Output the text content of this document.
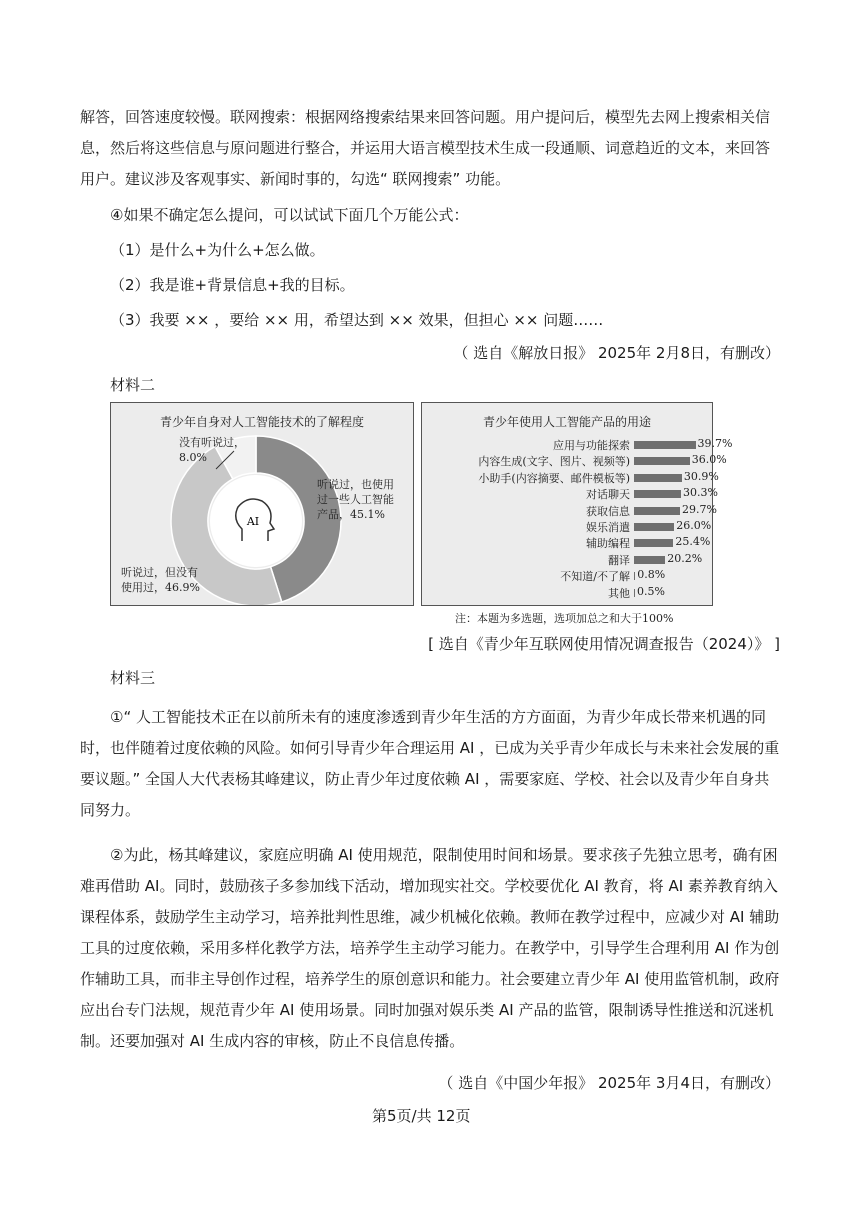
解答，回答速度较慢。联网搜索：根据网络搜索结果来回答问题。用户提问后，模型先去网上搜索相关信息，然后将这些信息与原问题进行整合，并运用大语言模型技术生成一段通顺、词意趋近的文本，来回答用户。建议涉及客观事实、新闻时事的，勾选“ 联网搜索” 功能。

④如果不确定怎么提问，可以试试下面几个万能公式：
（1）是什么+为什么+怎么做。
（2）我是谁+背景信息+我的目标。
（3）我要 ×× ，要给 ×× 用，希望达到 ×× 效果，但担心 ×× 问题……
（ 选自《解放日报》 2025年 2月8日，有删改）
材料二
青少年自身对人工智能技术的了解程度
AI
没有听说过，
8.0%
听说过，也使用
过一些人工智能
产品，45.1%
听说过，但没有
使用过，46.9%
青少年使用人工智能产品的用途
应用与功能探索	39.7%
内容生成(文字、图片、视频等)	36.0%
小助手(内容摘要、邮件模板等)	30.9%
对话聊天	30.3%
获取信息	29.7%
娱乐消遣	26.0%
辅助编程	25.4%
翻译	20.2%
不知道/不了解 0.8%
其他 0.5%
注：本题为多选题，选项加总之和大于100%
[ 选自《青少年互联网使用情况调查报告（2024）》 ]
材料三

①“ 人工智能技术正在以前所未有的速度渗透到青少年生活的方方面面，为青少年成长带来机遇的同时，也伴随着过度依赖的风险。如何引导青少年合理运用 AI ，已成为关乎青少年成长与未来社会发展的重要议题。” 全国人大代表杨其峰建议，防止青少年过度依赖 AI ，需要家庭、学校、社会以及青少年自身共同努力。

②为此，杨其峰建议，家庭应明确 AI 使用规范，限制使用时间和场景。要求孩子先独立思考，确有困难再借助 AI。同时，鼓励孩子多参加线下活动，增加现实社交。学校要优化 AI 教育，将 AI 素养教育纳入课程体系，鼓励学生主动学习，培养批判性思维，减少机械化依赖。教师在教学过程中，应减少对 AI 辅助工具的过度依赖，采用多样化教学方法，培养学生主动学习能力。在教学中，引导学生合理利用 AI 作为创作辅助工具，而非主导创作过程，培养学生的原创意识和能力。社会要建立青少年 AI 使用监管机制，政府应出台专门法规，规范青少年 AI 使用场景。同时加强对娱乐类 AI 产品的监管，限制诱导性推送和沉迷机制。还要加强对 AI 生成内容的审核，防止不良信息传播。

（ 选自《中国少年报》 2025年 3月4日，有删改）
第5页/共 12页
